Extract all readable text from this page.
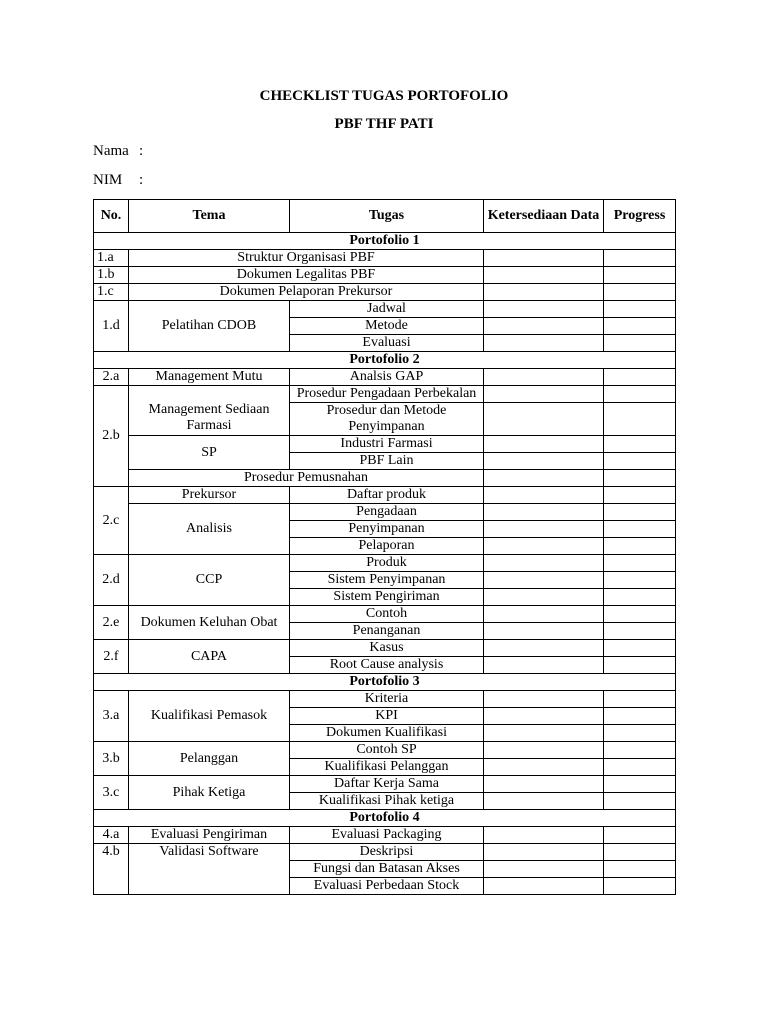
CHECKLIST TUGAS PORTOFOLIO
PBF THF PATI
Nama :
NIM :
No.	Tema	Tugas	Ketersediaan Data	Progress
Portofolio 1				
1.a	Struktur Organisasi PBF			
1.b	Dokumen Legalitas PBF			
1.c	Dokumen Pelaporan Prekursor			
1.d	Pelatihan CDOB	Jadwal		
		Metode		
		Evaluasi		
Portofolio 2				
2.a	Management Mutu	Analsis GAP		
2.b	Management Sediaan Farmasi	Prosedur Pengadaan Perbekalan		
		Prosedur dan Metode Penyimpanan		
	SP	Industri Farmasi		
		PBF Lain		
	Prosedur Pemusnahan			
2.c	Prekursor	Daftar produk		
	Analisis	Pengadaan		
		Penyimpanan		
		Pelaporan		
2.d	CCP	Produk		
		Sistem Penyimpanan		
		Sistem Pengiriman		
2.e	Dokumen Keluhan Obat	Contoh		
		Penanganan		
2.f	CAPA	Kasus		
		Root Cause analysis		
Portofolio 3				
3.a	Kualifikasi Pemasok	Kriteria		
		KPI		
		Dokumen Kualifikasi		
3.b	Pelanggan	Contoh SP		
		Kualifikasi Pelanggan		
3.c	Pihak Ketiga	Daftar Kerja Sama		
		Kualifikasi Pihak ketiga		
Portofolio 4				
4.a	Evaluasi Pengiriman	Evaluasi Packaging		
4.b	Validasi Software	Deskripsi		
		Fungsi dan Batasan Akses		
		Evaluasi Perbedaan Stock		
